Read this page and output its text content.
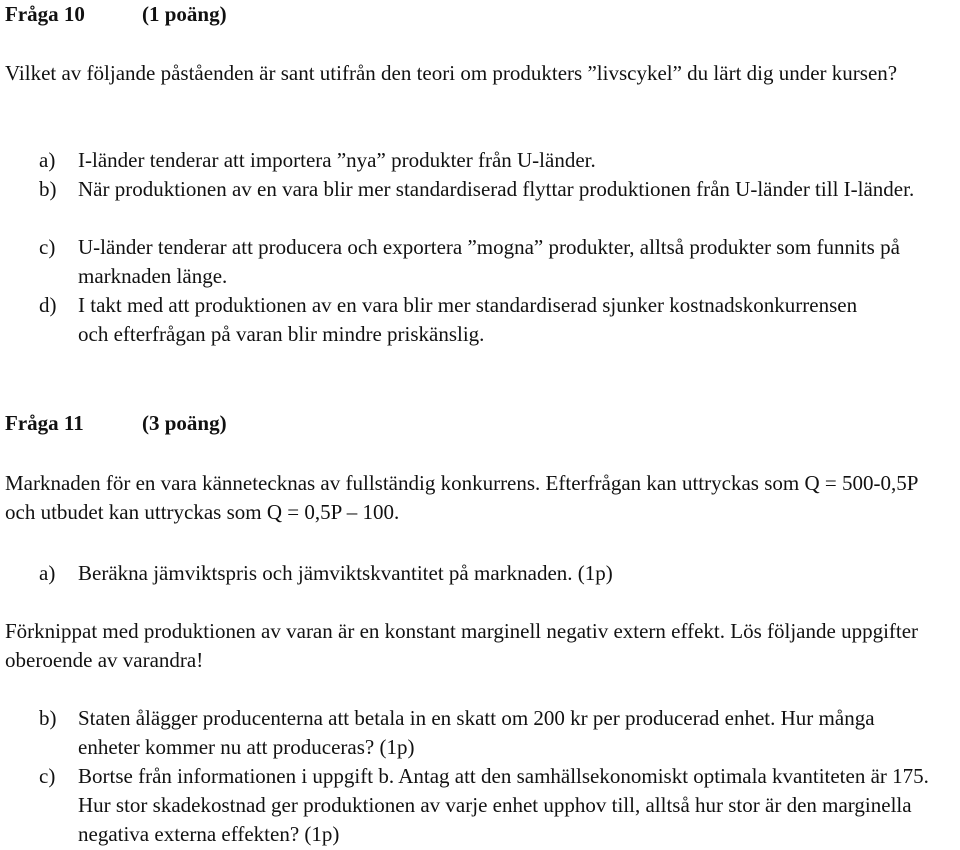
Fråga 10	(1 poäng)
Vilket av följande påståenden är sant utifrån den teori om produkters ”livscykel” du lärt dig under kursen?
a)	I-länder tenderar att importera ”nya” produkter från U-länder.
b)	När produktionen av en vara blir mer standardiserad flyttar produktionen från U-länder till I-länder.
c)	U-länder tenderar att producera och exportera ”mogna” produkter, alltså produkter som funnits på marknaden länge.
d)	I takt med att produktionen av en vara blir mer standardiserad sjunker kostnadskonkurrensen och efterfrågan på varan blir mindre priskänslig.
Fråga 11	(3 poäng)
Marknaden för en vara kännetecknas av fullständig konkurrens. Efterfrågan kan uttryckas som Q = 500-0,5P och utbudet kan uttryckas som Q = 0,5P – 100.
a)	Beräkna jämviktspris och jämviktskvantitet på marknaden. (1p)
Förknippat med produktionen av varan är en konstant marginell negativ extern effekt. Lös följande uppgifter oberoende av varandra!
b)	Staten ålägger producenterna att betala in en skatt om 200 kr per producerad enhet. Hur många enheter kommer nu att produceras? (1p)
c)	Bortse från informationen i uppgift b. Antag att den samhällsekonomiskt optimala kvantiteten är 175. Hur stor skadekostnad ger produktionen av varje enhet upphov till, alltså hur stor är den marginella negativa externa effekten? (1p)
